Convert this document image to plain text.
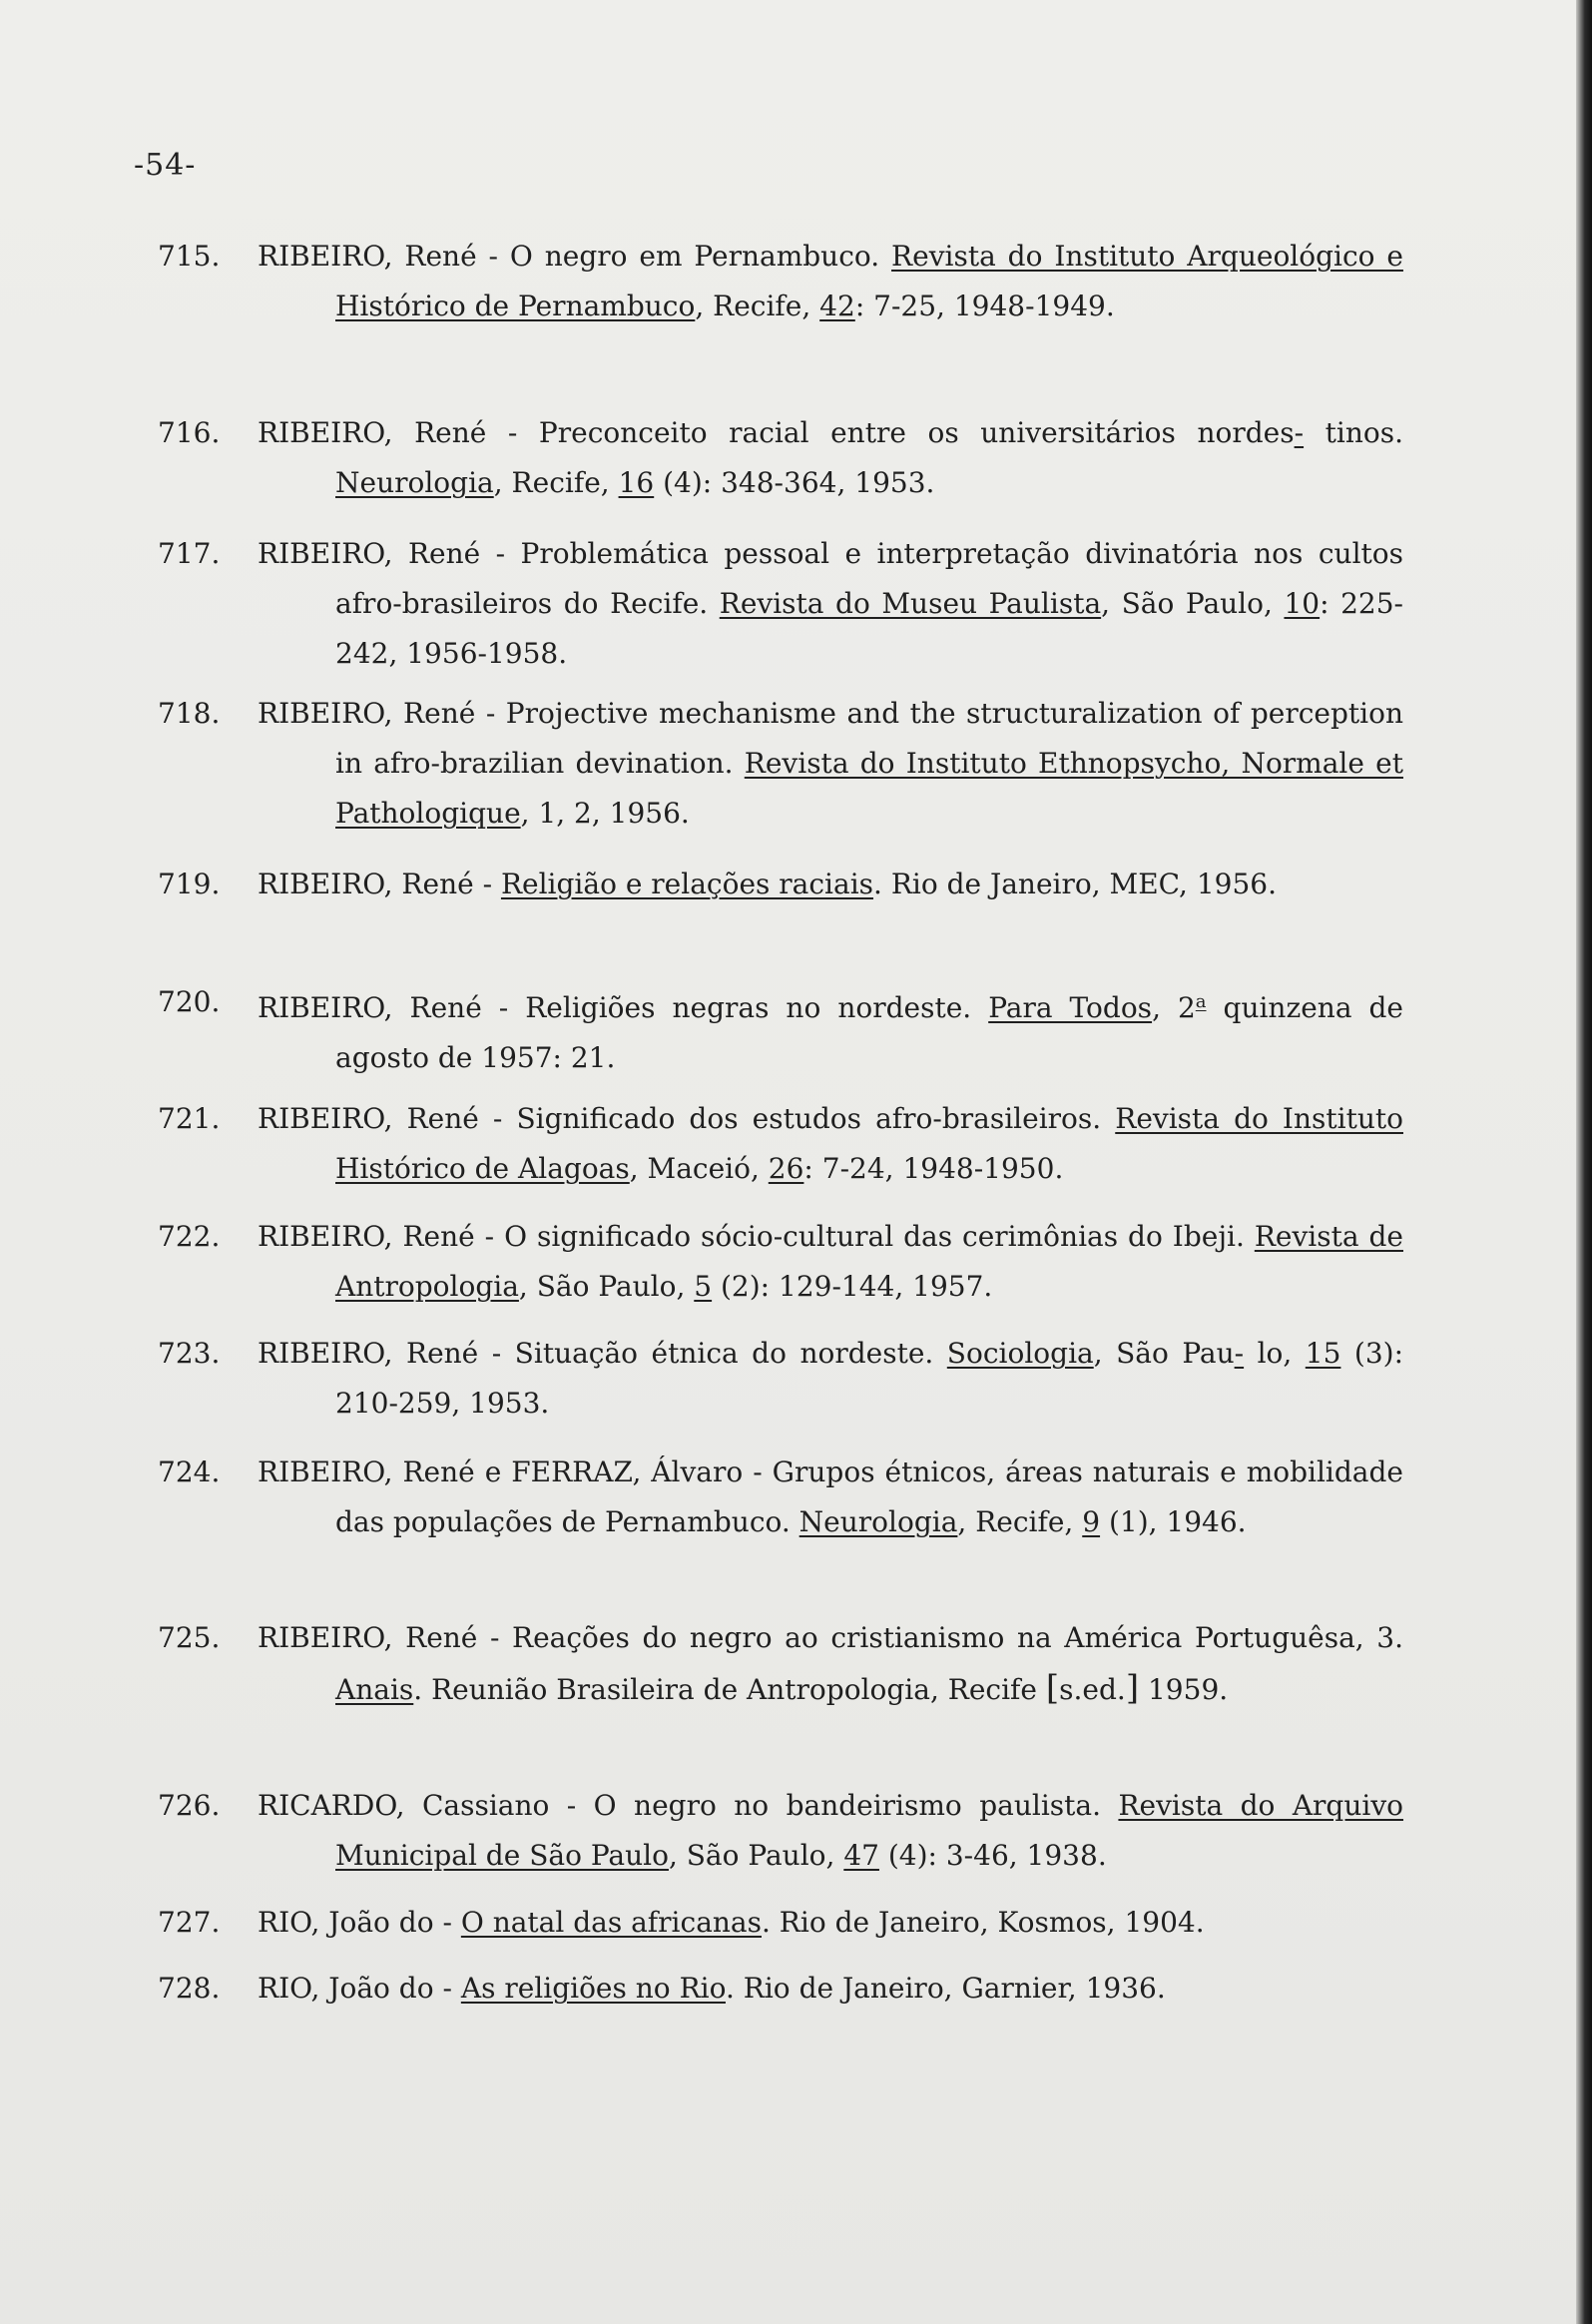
-54-
715.	RIBEIRO, René - O negro em Pernambuco. Revista do Instituto Arqueológico e Histórico de Pernambuco, Recife, 42: 7-25, 1948-1949.
716.	RIBEIRO, René - Preconceito racial entre os universitários nordes- tinos. Neurologia, Recife, 16 (4): 348-364, 1953.
717.	RIBEIRO, René - Problemática pessoal e interpretação divinatória nos cultos afro-brasileiros do Recife. Revista do Museu Paulista, São Paulo, 10: 225-242, 1956-1958.
718.	RIBEIRO, René - Projective mechanisme and the structuralization of perception in afro-brazilian devination. Revista do Instituto Ethnopsycho, Normale et Pathologique, 1, 2, 1956.
719.	RIBEIRO, René - Religião e relações raciais. Rio de Janeiro, MEC, 1956.
720.	RIBEIRO, René - Religiões negras no nordeste. Para Todos, 2$^a$ quinzena de agosto de 1957: 21.
721.	RIBEIRO, René - Significado dos estudos afro-brasileiros. Revista do Instituto Histórico de Alagoas, Maceió, 26: 7-24, 1948-1950.
722.	RIBEIRO, René - O significado sócio-cultural das cerimônias do Ibeji. Revista de Antropologia, São Paulo, 5 (2): 129-144, 1957.
723.	RIBEIRO, René - Situação étnica do nordeste. Sociologia, São Pau- lo, 15 (3): 210-259, 1953.
724.	RIBEIRO, René e FERRAZ, Álvaro - Grupos étnicos, áreas naturais e mobilidade das populações de Pernambuco. Neurologia, Recife, 9 (1), 1946.
725.	RIBEIRO, René - Reações do negro ao cristianismo na América Portuguêsa, 3. Anais. Reunião Brasileira de Antropologia, Recife [s.ed.] 1959.
726.	RICARDO, Cassiano - O negro no bandeirismo paulista. Revista do Arquivo Municipal de São Paulo, São Paulo, 47 (4): 3-46, 1938.
727.	RIO, João do - O natal das africanas. Rio de Janeiro, Kosmos, 1904.
728.	RIO, João do - As religiões no Rio. Rio de Janeiro, Garnier, 1936.
